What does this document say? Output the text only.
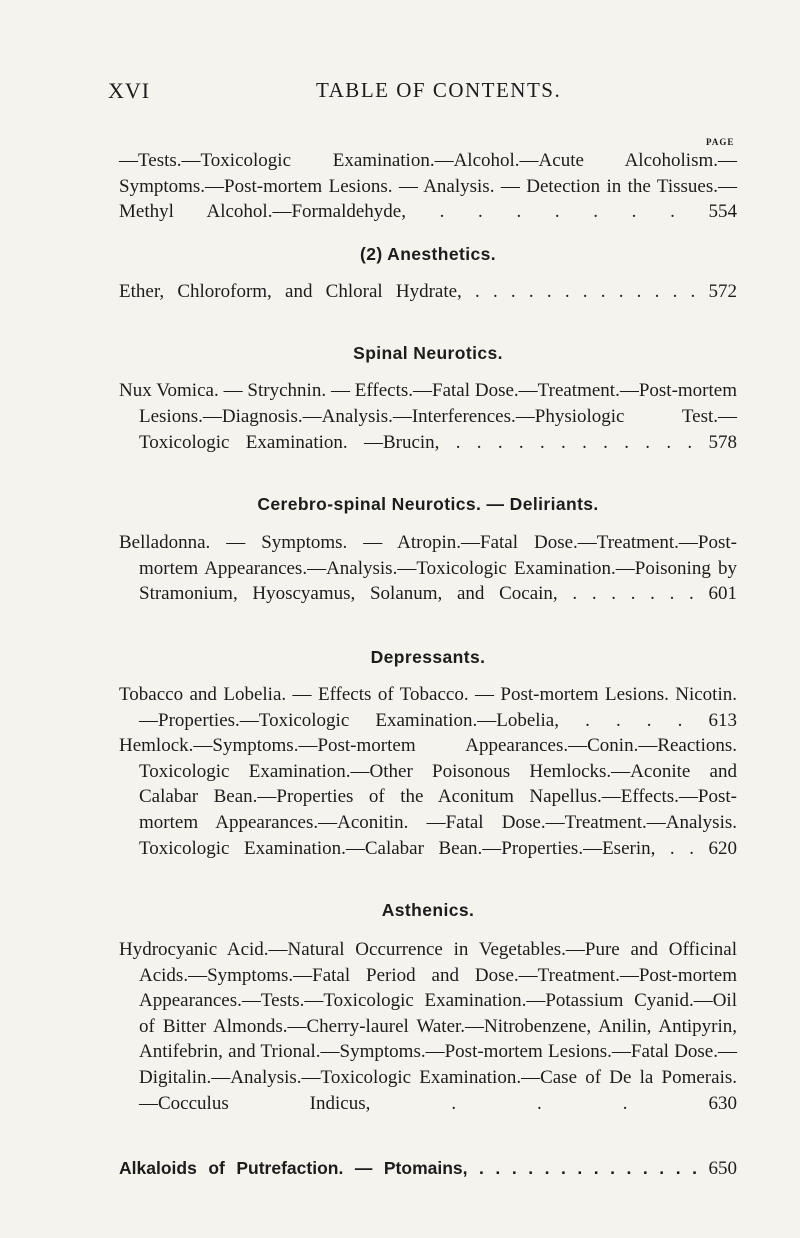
XVI	TABLE OF CONTENTS.
PAGE

—Tests.—Toxicologic Examination.—Alcohol.—Acute Alcoholism.— Symptoms.—Post-mortem Lesions. — Analysis. — Detection in the Tissues.—Methyl Alcohol.—Formaldehyde, . . . . . . . 554

(2) Anesthetics.

Ether, Chloroform, and Chloral Hydrate, . . . . . . . . . . . . . 572

Spinal Neurotics.

Nux Vomica. — Strychnin. — Effects.—Fatal Dose.—Treatment.—Post-mortem Lesions.—Diagnosis.—Analysis.—Interferences.—Physiologic Test.—Toxicologic Examination. —Brucin, . . . . . . . . . . . . 578

Cerebro-spinal Neurotics. — Deliriants.

Belladonna. — Symptoms. — Atropin.—Fatal Dose.—Treatment.—Post-mortem Appearances.—Analysis.—Toxicologic Examination.—Poisoning by Stramonium, Hyoscyamus, Solanum, and Cocain, . . . . . . . 601

Depressants.

Tobacco and Lobelia. — Effects of Tobacco. — Post-mortem Lesions. Nicotin.—Properties.—Toxicologic Examination.—Lobelia, . . . . 613

Hemlock.—Symptoms.—Post-mortem Appearances.—Conin.—Reactions. Toxicologic Examination.—Other Poisonous Hemlocks.—Aconite and Calabar Bean.—Properties of the Aconitum Napellus.—Effects.—Post-mortem Appearances.—Aconitin. —Fatal Dose.—Treatment.—Analysis. Toxicologic Examination.—Calabar Bean.—Properties.—Eserin, . . 620

Asthenics.

Hydrocyanic Acid.—Natural Occurrence in Vegetables.—Pure and Officinal Acids.—Symptoms.—Fatal Period and Dose.—Treatment.—Post-mortem Appearances.—Tests.—Toxicologic Examination.—Potassium Cyanid.—Oil of Bitter Almonds.—Cherry-laurel Water.—Nitrobenzene, Anilin, Antipyrin, Antifebrin, and Trional.—Symptoms.—Post-mortem Lesions.—Fatal Dose.—Digitalin.—Analysis.—Toxicologic Examination.—Case of De la Pomerais.—Cocculus Indicus, . . .	630

Alkaloids of Putrefaction. — Ptomains, . . . . . . . . . . . . . . 650
